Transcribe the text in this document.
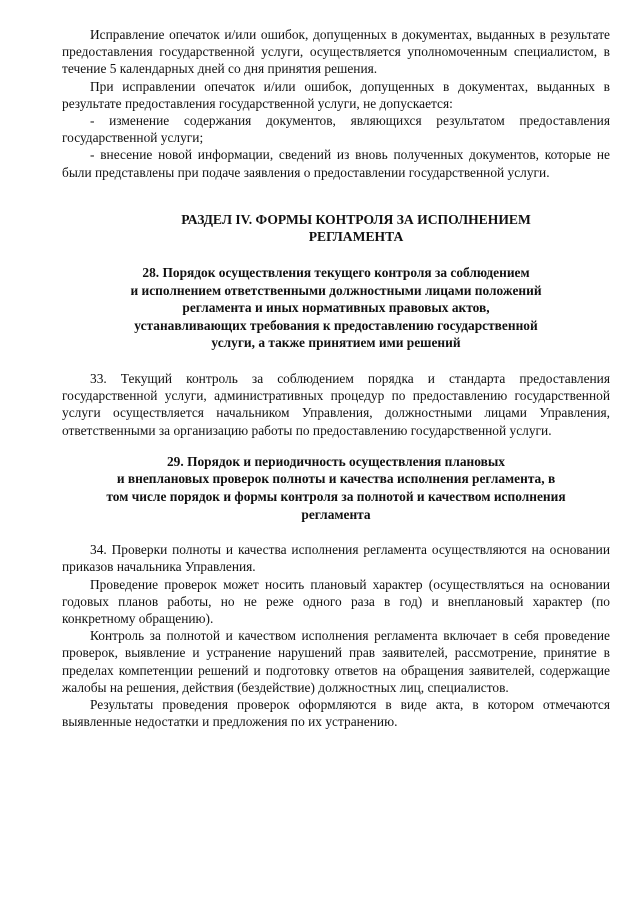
Исправление опечаток и/или ошибок, допущенных в документах, выданных в результате предоставления государственной услуги, осуществляется уполномоченным специалистом, в течение 5 календарных дней со дня принятия решения.

При исправлении опечаток и/или ошибок, допущенных в документах, выданных в результате предоставления государственной услуги, не допускается:

- изменение содержания документов, являющихся результатом предоставления государственной услуги;

- внесение новой информации, сведений из вновь полученных документов, которые не были представлены при подаче заявления о предоставлении государственной услуги.

РАЗДЕЛ IV. ФОРМЫ КОНТРОЛЯ ЗА ИСПОЛНЕНИЕМ
РЕГЛАМЕНТА
28. Порядок осуществления текущего контроля за соблюдением
и исполнением ответственными должностными лицами положений
регламента и иных нормативных правовых актов,
устанавливающих требования к предоставлению государственной
услуги, а также принятием ими решений

33. Текущий контроль за соблюдением порядка и стандарта предоставления государственной услуги, административных процедур по предоставлению государственной услуги осуществляется начальником Управления, должностными лицами Управления, ответственными за организацию работы по предоставлению государственной услуги.

29. Порядок и периодичность осуществления плановых
и внеплановых проверок полноты и качества исполнения регламента, в
том числе порядок и формы контроля за полнотой и качеством исполнения
регламента

34. Проверки полноты и качества исполнения регламента осуществляются на основании приказов начальника Управления.

Проведение проверок может носить плановый характер (осуществляться на основании годовых планов работы, но не реже одного раза в год) и внеплановый характер (по конкретному обращению).

Контроль за полнотой и качеством исполнения регламента включает в себя проведение проверок, выявление и устранение нарушений прав заявителей, рассмотрение, принятие в пределах компетенции решений и подготовку ответов на обращения заявителей, содержащие жалобы на решения, действия (бездействие) должностных лиц, специалистов.

Результаты проведения проверок оформляются в виде акта, в котором отмечаются выявленные недостатки и предложения по их устранению.
